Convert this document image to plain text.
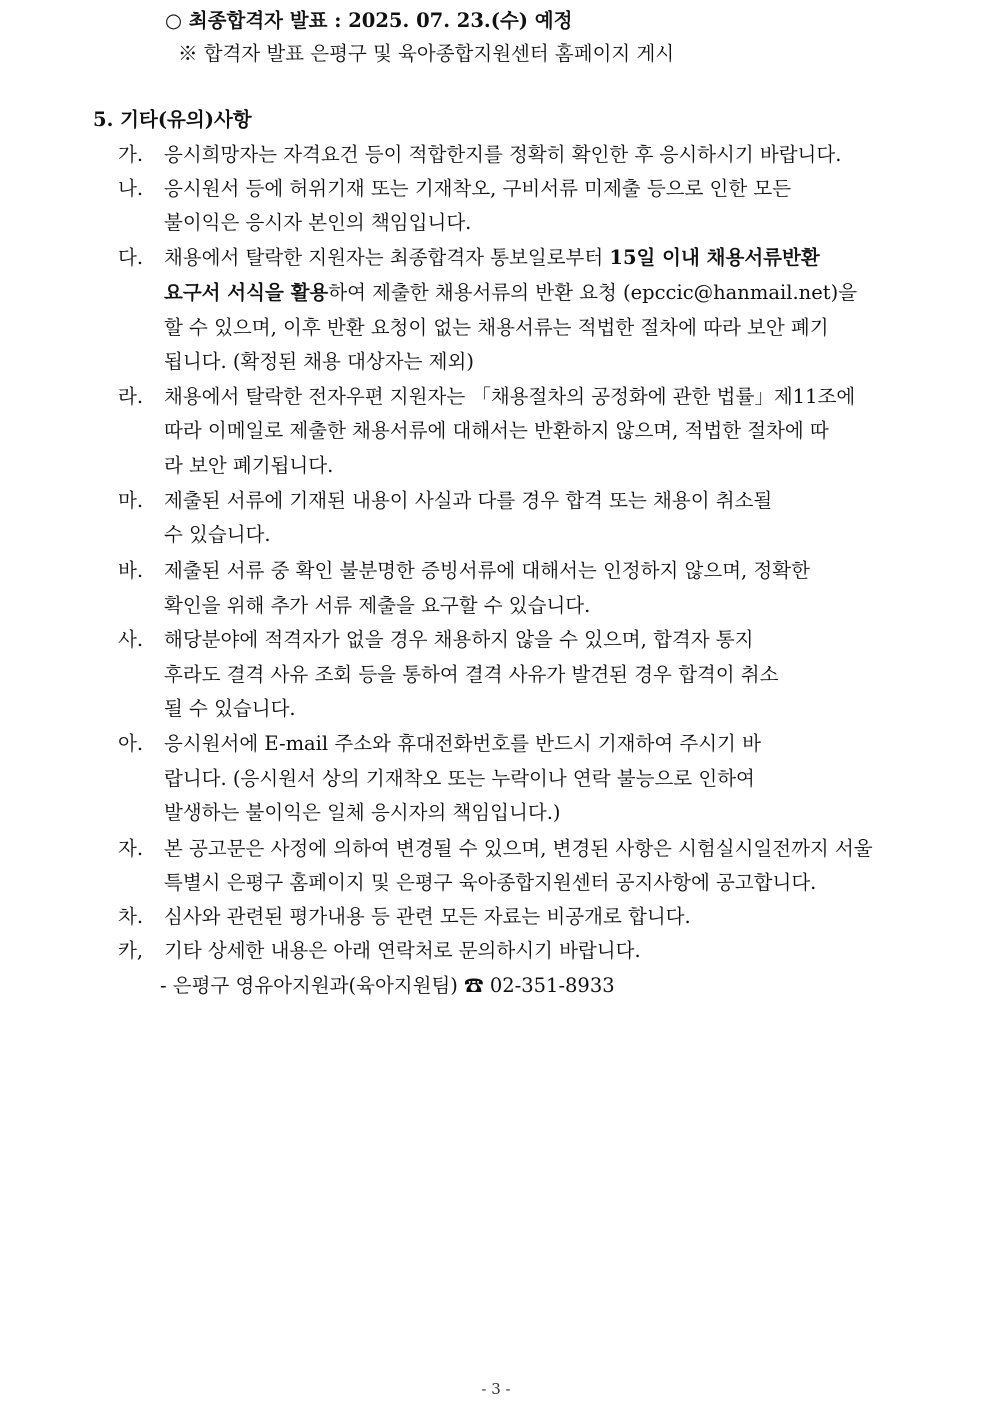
○ 최종합격자 발표 : 2025. 07. 23.(수) 예정
※ 합격자 발표 은평구 및 육아종합지원센터 홈페이지 게시
5. 기타(유의)사항
가. 응시희망자는 자격요건 등이 적합한지를 정확히 확인한 후 응시하시기 바랍니다.
나. 응시원서 등에 허위기재 또는 기재착오, 구비서류 미제출 등으로 인한 모든
불이익은 응시자 본인의 책임입니다.
다. 채용에서 탈락한 지원자는 최종합격자 통보일로부터 15일 이내 채용서류반환
요구서 서식을 활용하여 제출한 채용서류의 반환 요청 (epccic@hanmail.net)을
할 수 있으며, 이후 반환 요청이 없는 채용서류는 적법한 절차에 따라 보안 폐기
됩니다. (확정된 채용 대상자는 제외)
라. 채용에서 탈락한 전자우편 지원자는 「채용절차의 공정화에 관한 법률」제11조에
따라 이메일로 제출한 채용서류에 대해서는 반환하지 않으며, 적법한 절차에 따
라 보안 폐기됩니다.
마. 제출된 서류에 기재된 내용이 사실과 다를 경우 합격 또는 채용이 취소될
수 있습니다.
바. 제출된 서류 중 확인 불분명한 증빙서류에 대해서는 인정하지 않으며, 정확한
확인을 위해 추가 서류 제출을 요구할 수 있습니다.
사. 해당분야에 적격자가 없을 경우 채용하지 않을 수 있으며, 합격자 통지
후라도 결격 사유 조회 등을 통하여 결격 사유가 발견된 경우 합격이 취소
될 수 있습니다.
아. 응시원서에 E-mail 주소와 휴대전화번호를 반드시 기재하여 주시기 바
랍니다. (응시원서 상의 기재착오 또는 누락이나 연락 불능으로 인하여
발생하는 불이익은 일체 응시자의 책임입니다.)
자. 본 공고문은 사정에 의하여 변경될 수 있으며, 변경된 사항은 시험실시일전까지 서울
특별시 은평구 홈페이지 및 은평구 육아종합지원센터 공지사항에 공고합니다.
차. 심사와 관련된 평가내용 등 관련 모든 자료는 비공개로 합니다.
카, 기타 상세한 내용은 아래 연락처로 문의하시기 바랍니다.
- 은평구 영유아지원과(육아지원팀) ☎ 02-351-8933
- 3 -
